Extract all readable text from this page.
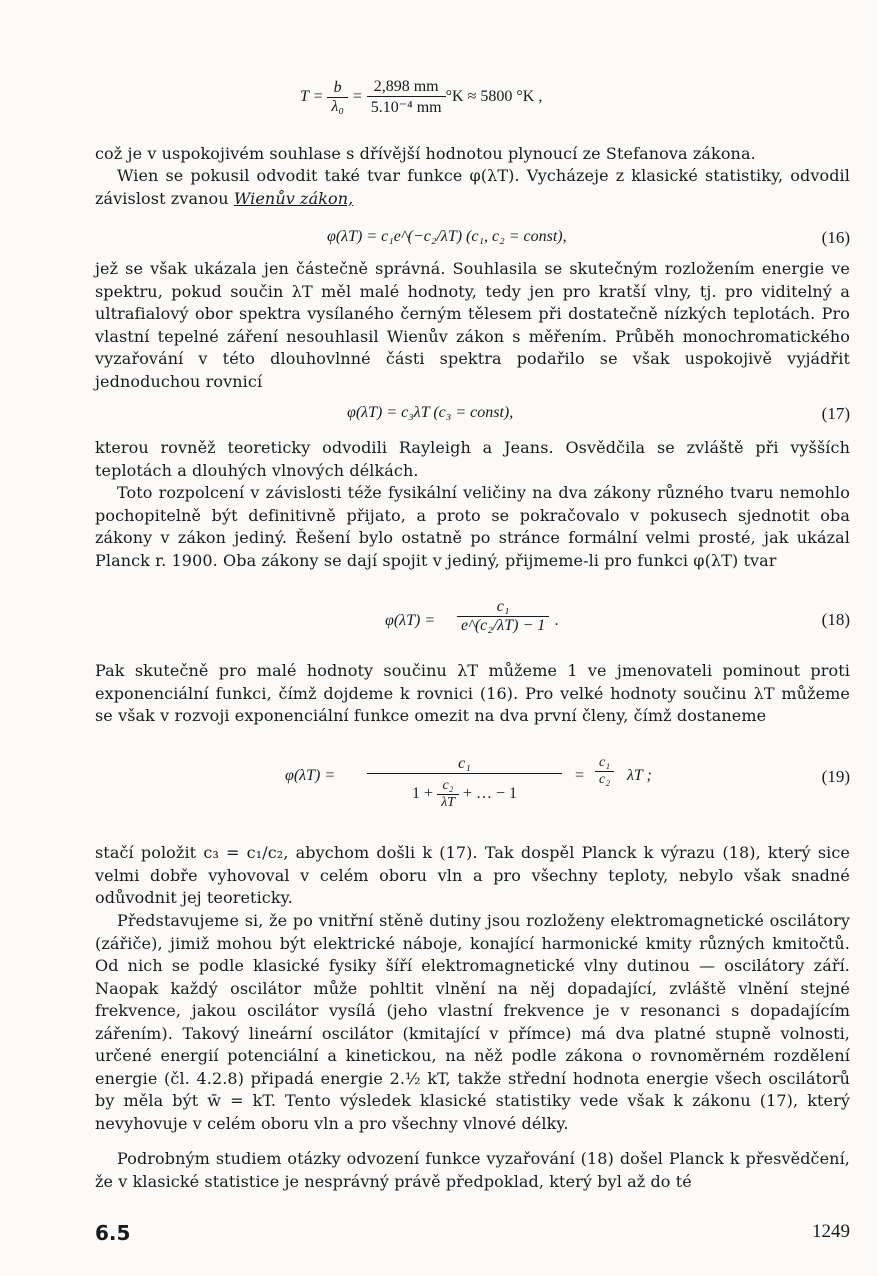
$T = \frac{b}{\text{λ₀}} = \frac{2,898 mm}{\text{5.10⁻⁴ mm}} ^\circ K \approx 5800$ °K ,

což je v uspokojivém souhlase s dřívější hodnotou plynoucí ze Stefanova zákona.

Wien se pokusil odvodit také tvar funkce φ(λT). Vycházeje z klasické statistiky, odvodil závislost zvanou Wienův zákon,

φ(λT) = c₁e^(−c₂/λT) (c₁, c₂ = const),	(16)

jež se však ukázala jen částečně správná. Souhlasila se skutečným rozložením energie ve spektru, pokud součin λT měl malé hodnoty, tedy jen pro kratší vlny, tj. pro viditelný a ultrafialový obor spektra vysílaného černým tělesem při dostatečně nízkých teplotách. Pro vlastní tepelné záření nesouhlasil Wienův zákon s měřením. Průběh monochromatického vyzařování v této dlouhovlnné části spektra podařilo se však uspokojivě vyjádřit jednoduchou rovnicí

φ(λT) = c₃λT (c₃ = const),	(17)

kterou rovněž teoreticky odvodili Rayleigh a Jeans. Osvědčila se zvláště při vyšších teplotách a dlouhých vlnových délkách.

Toto rozpolcení v závislosti téže fysikální veličiny na dva zákony různého tvaru nemohlo pochopitelně být definitivně přijato, a proto se pokračovalo v pokusech sjednotit oba zákony v zákon jediný. Řešení bylo ostatně po stránce formální velmi prosté, jak ukázal Planck r. 1900. Oba zákony se dají spojit v jediný, přijmeme-li pro funkci φ(λT) tvar

$\varphi(\lambda T) = \frac{\text{c₁}}{\text{e\textasciicircum{}(c₂/λT) − 1}}$ .	(18)

Pak skutečně pro malé hodnoty součinu λT můžeme 1 ve jmenovateli pominout proti exponenciální funkci, čímž dojdeme k rovnici (16). Pro velké hodnoty součinu λT můžeme se však v rozvoji exponenciální funkce omezit na dva první členy, čímž dostaneme

φ(λT) =
c₁
$1 + \frac{\text{c₂}}{\lambda T}$ + … − 1
= $\frac{\text{c₁}}{\text{c₂}}$ λT ;	(19)

stačí položit c₃ = c₁/c₂, abychom došli k (17). Tak dospěl Planck k výrazu (18), který sice velmi dobře vyhovoval v celém oboru vln a pro všechny teploty, nebylo však snadné odůvodnit jej teoreticky.

Představujeme si, že po vnitřní stěně dutiny jsou rozloženy elektromagnetické oscilátory (zářiče), jimiž mohou být elektrické náboje, konající harmonické kmity různých kmitočtů. Od nich se podle klasické fysiky šíří elektromagnetické vlny dutinou — oscilátory září. Naopak každý oscilátor může pohltit vlnění na něj dopadající, zvláště vlnění stejné frekvence, jakou oscilátor vysílá (jeho vlastní frekvence je v resonanci s dopadajícím zářením). Takový lineární oscilátor (kmitající v přímce) má dva platné stupně volnosti, určené energií potenciální a kinetickou, na něž podle zákona o rovnoměrném rozdělení energie (čl. 4.2.8) připadá energie 2.½ kT, takže střední hodnota energie všech oscilátorů by měla být w̄ = kT. Tento výsledek klasické statistiky vede však k zákonu (17), který nevyhovuje v celém oboru vln a pro všechny vlnové délky.

Podrobným studiem otázky odvození funkce vyzařování (18) došel Planck k přesvědčení, že v klasické statistice je nesprávný právě předpoklad, který byl až do té

6.5	1249
